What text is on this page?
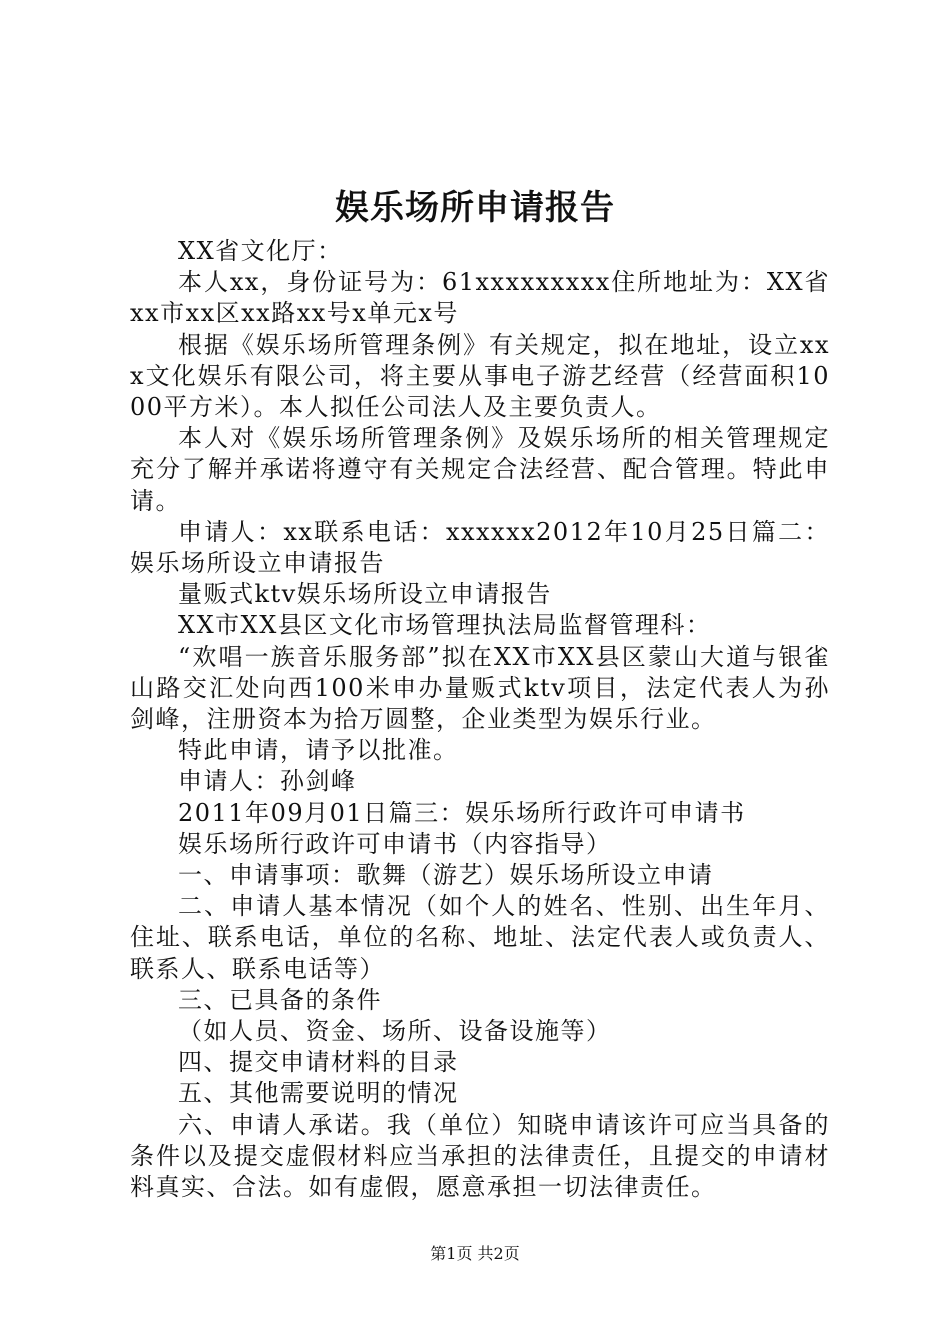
娱乐场所申请报告

XX省文化厅：

本人xx，身份证号为：61xxxxxxxxx住所地址为：XX省xx市xx区xx路xx号x单元x号

根据《娱乐场所管理条例》有关规定，拟在地址，设立xxx文化娱乐有限公司，将主要从事电子游艺经营（经营面积1000平方米）。本人拟任公司法人及主要负责人。

本人对《娱乐场所管理条例》及娱乐场所的相关管理规定充分了解并承诺将遵守有关规定合法经营、配合管理。特此申请。

申请人：xx联系电话：xxxxxx2012年10月25日篇二：娱乐场所设立申请报告

量贩式ktv娱乐场所设立申请报告

XX市XX县区文化市场管理执法局监督管理科：

“欢唱一族音乐服务部”拟在XX市XX县区蒙山大道与银雀山路交汇处向西100米申办量贩式ktv项目，法定代表人为孙剑峰，注册资本为拾万圆整，企业类型为娱乐行业。

特此申请，请予以批准。

申请人：孙剑峰

2011年09月01日篇三：娱乐场所行政许可申请书

娱乐场所行政许可申请书（内容指导）

一、申请事项：歌舞（游艺）娱乐场所设立申请

二、申请人基本情况（如个人的姓名、性别、出生年月、住址、联系电话，单位的名称、地址、法定代表人或负责人、联系人、联系电话等）

三、已具备的条件

（如人员、资金、场所、设备设施等）

四、提交申请材料的目录

五、其他需要说明的情况

六、申请人承诺。我（单位）知晓申请该许可应当具备的条件以及提交虚假材料应当承担的法律责任，且提交的申请材料真实、合法。如有虚假，愿意承担一切法律责任。

第1页 共2页
